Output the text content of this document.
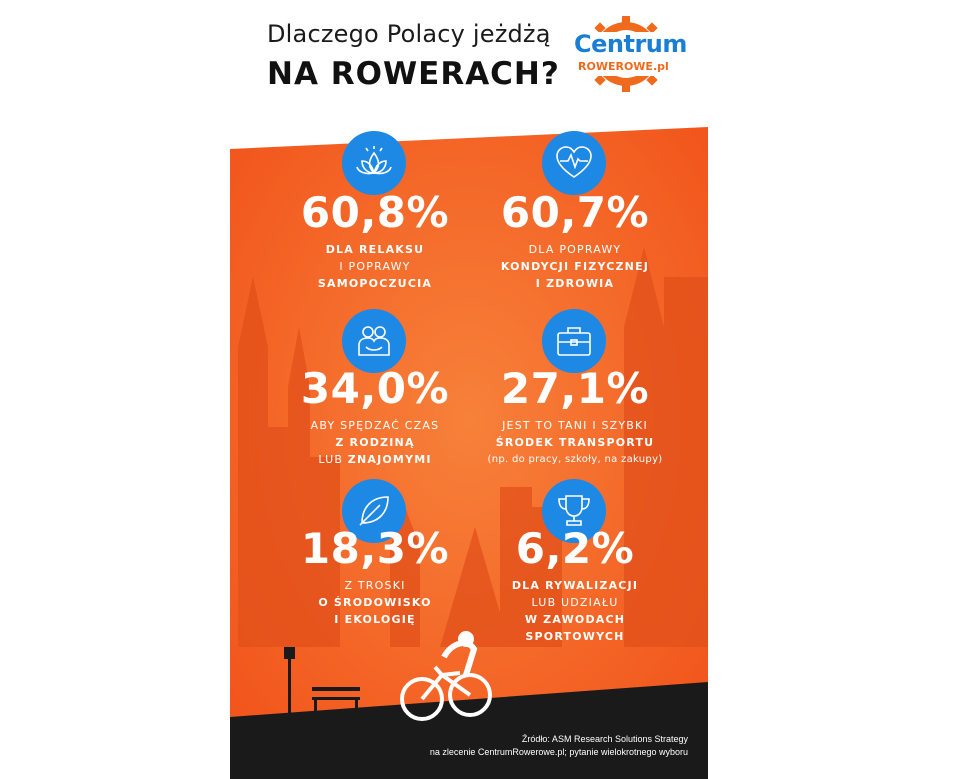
Dlaczego Polacy jeżdżą
NA ROWERACH?
Centrum
ROWEROWE.pl
60,8%
DLA RELAKSU
I POPRAWY
SAMOPOCZUCIA
60,7%
DLA POPRAWY
KONDYCJI FIZYCZNEJ
I ZDROWIA
34,0%
ABY SPĘDZAĆ CZAS
Z RODZINĄ
LUB ZNAJOMYMI
27,1%
JEST TO TANI I SZYBKI
ŚRODEK TRANSPORTU
(np. do pracy, szkoły, na zakupy)
18,3%
Z TROSKI
O ŚRODOWISKO
I EKOLOGIĘ
6,2%
DLA RYWALIZACJI
LUB UDZIAŁU
W ZAWODACH
SPORTOWYCH
Źródło: ASM Research Solutions Strategy
na zlecenie CentrumRowerowe.pl; pytanie wielokrotnego wyboru
